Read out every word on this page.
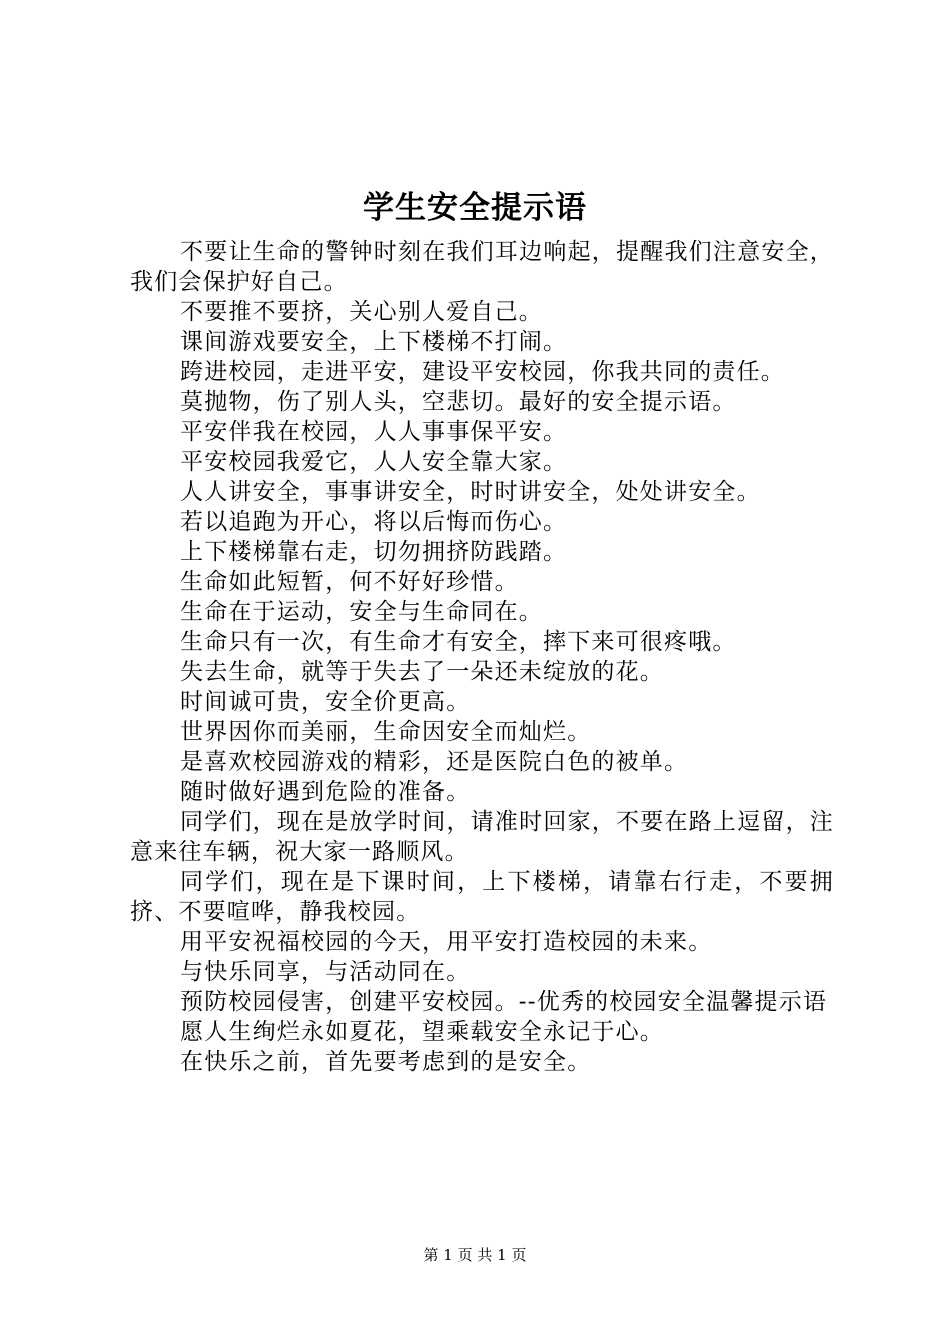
学生安全提示语

不要让生命的警钟时刻在我们耳边响起，提醒我们注意安全，我们会保护好自己。

不要推不要挤，关心别人爱自己。

课间游戏要安全，上下楼梯不打闹。

跨进校园，走进平安，建设平安校园，你我共同的责任。

莫抛物，伤了别人头，空悲切。最好的安全提示语。

平安伴我在校园，人人事事保平安。

平安校园我爱它，人人安全靠大家。

人人讲安全，事事讲安全，时时讲安全，处处讲安全。

若以追跑为开心，将以后悔而伤心。

上下楼梯靠右走，切勿拥挤防践踏。

生命如此短暂，何不好好珍惜。

生命在于运动，安全与生命同在。

生命只有一次，有生命才有安全，摔下来可很疼哦。

失去生命，就等于失去了一朵还未绽放的花。

时间诚可贵，安全价更高。

世界因你而美丽，生命因安全而灿烂。

是喜欢校园游戏的精彩，还是医院白色的被单。

随时做好遇到危险的准备。

同学们，现在是放学时间，请准时回家，不要在路上逗留，注意来往车辆，祝大家一路顺风。

同学们，现在是下课时间，上下楼梯，请靠右行走，不要拥挤、不要喧哗，静我校园。

用平安祝福校园的今天，用平安打造校园的未来。

与快乐同享，与活动同在。

预防校园侵害，创建平安校园。--优秀的校园安全温馨提示语

愿人生绚烂永如夏花，望乘载安全永记于心。

在快乐之前，首先要考虑到的是安全。

第 1 页 共 1 页
